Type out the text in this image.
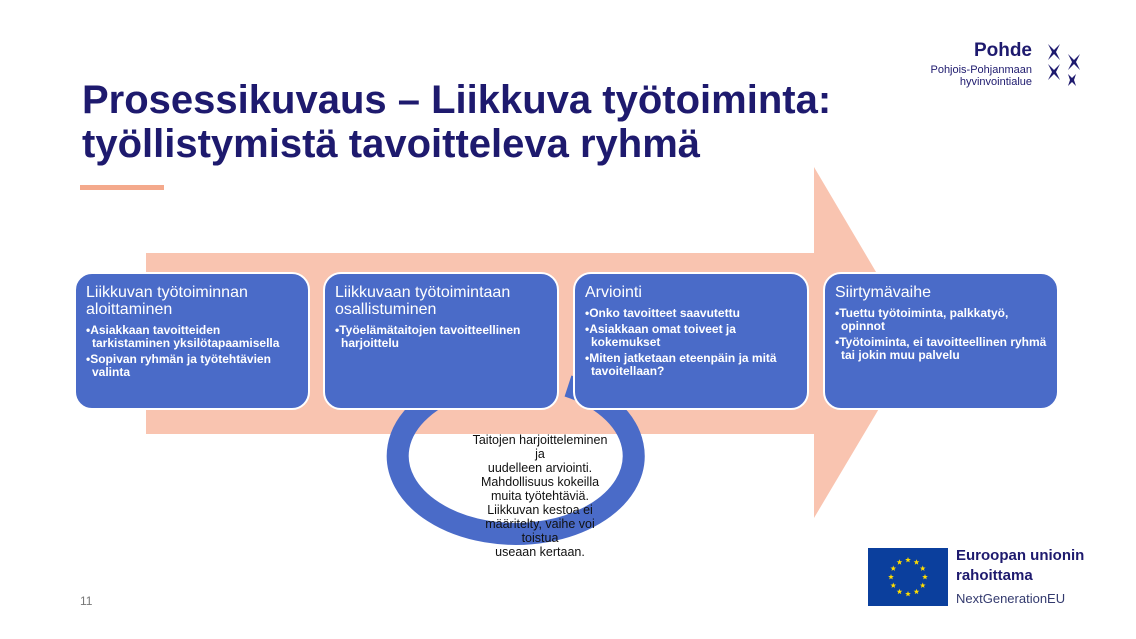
Prosessikuvaus – Liikkuva työtoiminta:
työllistymistä tavoitteleva ryhmä
Pohde
Pohjois-Pohjanmaan
hyvinvointialue
Liikkuvan työtoiminnan aloittaminen
• Asiakkaan tavoitteiden tarkistaminen yksilötapaamisella
• Sopivan ryhmän ja työtehtävien valinta
Liikkuvaan työtoimintaan osallistuminen
• Työelämätaitojen tavoitteellinen harjoittelu
Arviointi
• Onko tavoitteet saavutettu
• Asiakkaan omat toiveet ja kokemukset
• Miten jatketaan eteenpäin ja mitä tavoitellaan?
Siirtymävaihe
• Tuettu työtoiminta, palkkatyö, opinnot
• Työtoiminta, ei tavoitteellinen ryhmä tai jokin muu palvelu
Taitojen harjoitteleminen ja
uudelleen arviointi.
Mahdollisuus kokeilla
muita työtehtäviä.
Liikkuvan kestoa ei
määritelty, vaihe voi toistua
useaan kertaan.
11
Euroopan unionin
rahoittama
NextGenerationEU
